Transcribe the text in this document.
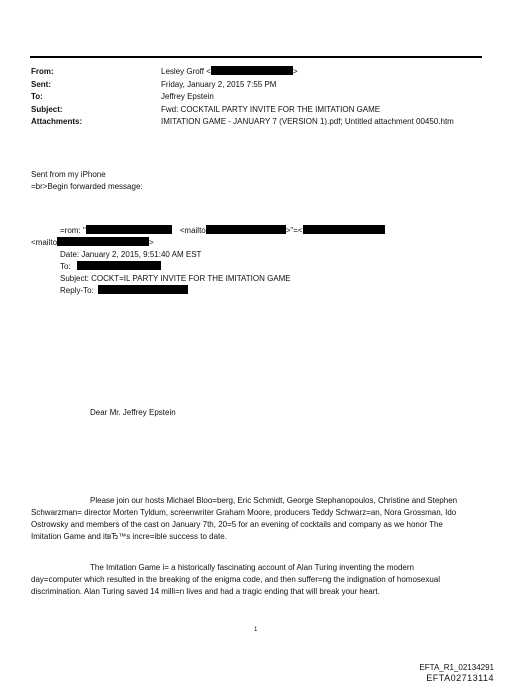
From:	Lesley Groff <	>
Sent:	Friday, January 2, 2015 7:55 PM
To:	Jeffrey Epstein
Subject:	Fwd: COCKTAIL PARTY INVITE FOR THE IMITATION GAME
Attachments:	IMITATION GAME - JANUARY 7 (VERSION 1).pdf; Untitled attachment 00450.htm
Sent from my iPhone
=br>Begin forwarded message:
=rom: "	<mailto	>"=<
<mailto	>
Date: January 2, 2015, 9:51:40 AM EST
To:
Subject: COCKT=IL PARTY INVITE FOR THE IMITATION GAME
Reply-To:
Dear Mr. Jeffrey Epstein
Please join our hosts Michael Bloo=berg, Eric Schmidt, George Stephanopoulos, Christine and Stephen
Schwarzman= director Morten Tyldum, screenwriter Graham Moore, producers Teddy Schwarz=an, Nora Grossman, Ido
Ostrowsky and members of the cast on January 7th, 20=5 for an evening of cocktails and company as we honor The
Imitation Game and itвЂ™s incre=ible success to date.
The Imitation Game i= a historically fascinating account of Alan Turing inventing the modern
day=computer which resulted in the breaking of the enigma code, and then suffer=ng the indignation of homosexual
discrimination. Alan Turing saved 14 milli=n lives and had a tragic ending that will break your heart.
1
EFTA_R1_02134291
EFTA02713114
